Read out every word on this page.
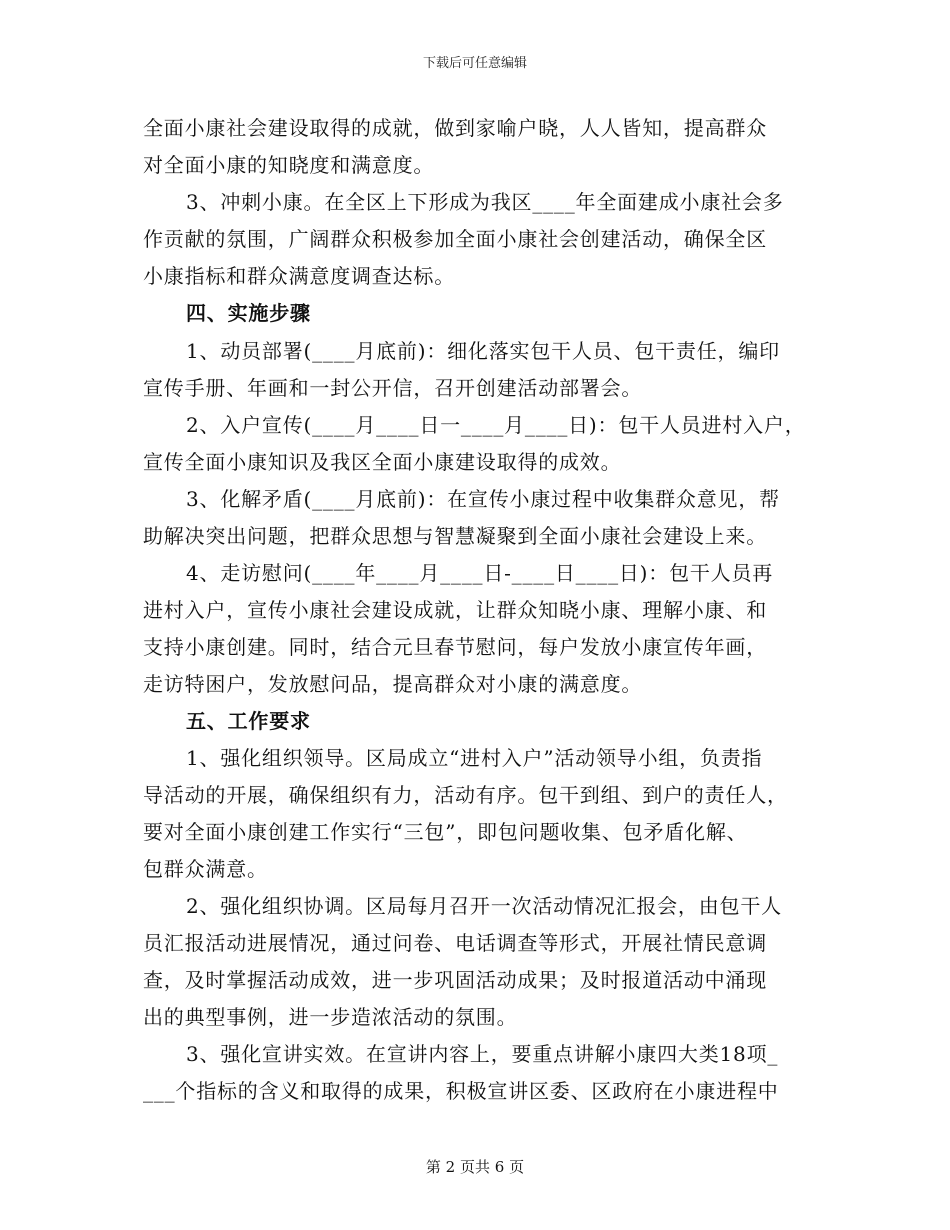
下载后可任意编辑
全面小康社会建设取得的成就，做到家喻户晓，人人皆知，提高群众
对全面小康的知晓度和满意度。
3、冲刺小康。在全区上下形成为我区____年全面建成小康社会多
作贡献的氛围，广阔群众积极参加全面小康社会创建活动，确保全区
小康指标和群众满意度调查达标。
四、实施步骤
1、动员部署(____月底前)：细化落实包干人员、包干责任，编印
宣传手册、年画和一封公开信，召开创建活动部署会。
2、入户宣传(____月____日一____月____日)：包干人员进村入户，
宣传全面小康知识及我区全面小康建设取得的成效。
3、化解矛盾(____月底前)：在宣传小康过程中收集群众意见，帮
助解决突出问题，把群众思想与智慧凝聚到全面小康社会建设上来。
4、走访慰问(____年____月____日-____日____日)：包干人员再
进村入户，宣传小康社会建设成就，让群众知晓小康、理解小康、和
支持小康创建。同时，结合元旦春节慰问，每户发放小康宣传年画，
走访特困户，发放慰问品，提高群众对小康的满意度。
五、工作要求
1、强化组织领导。区局成立“进村入户”活动领导小组，负责指
导活动的开展，确保组织有力，活动有序。包干到组、到户的责任人，
要对全面小康创建工作实行“三包”，即包问题收集、包矛盾化解、
包群众满意。
2、强化组织协调。区局每月召开一次活动情况汇报会，由包干人
员汇报活动进展情况，通过问卷、电话调查等形式，开展社情民意调
查，及时掌握活动成效，进一步巩固活动成果；及时报道活动中涌现
出的典型事例，进一步造浓活动的氛围。
3、强化宣讲实效。在宣讲内容上，要重点讲解小康四大类18项_
___个指标的含义和取得的成果，积极宣讲区委、区政府在小康进程中
第 2 页共 6 页
